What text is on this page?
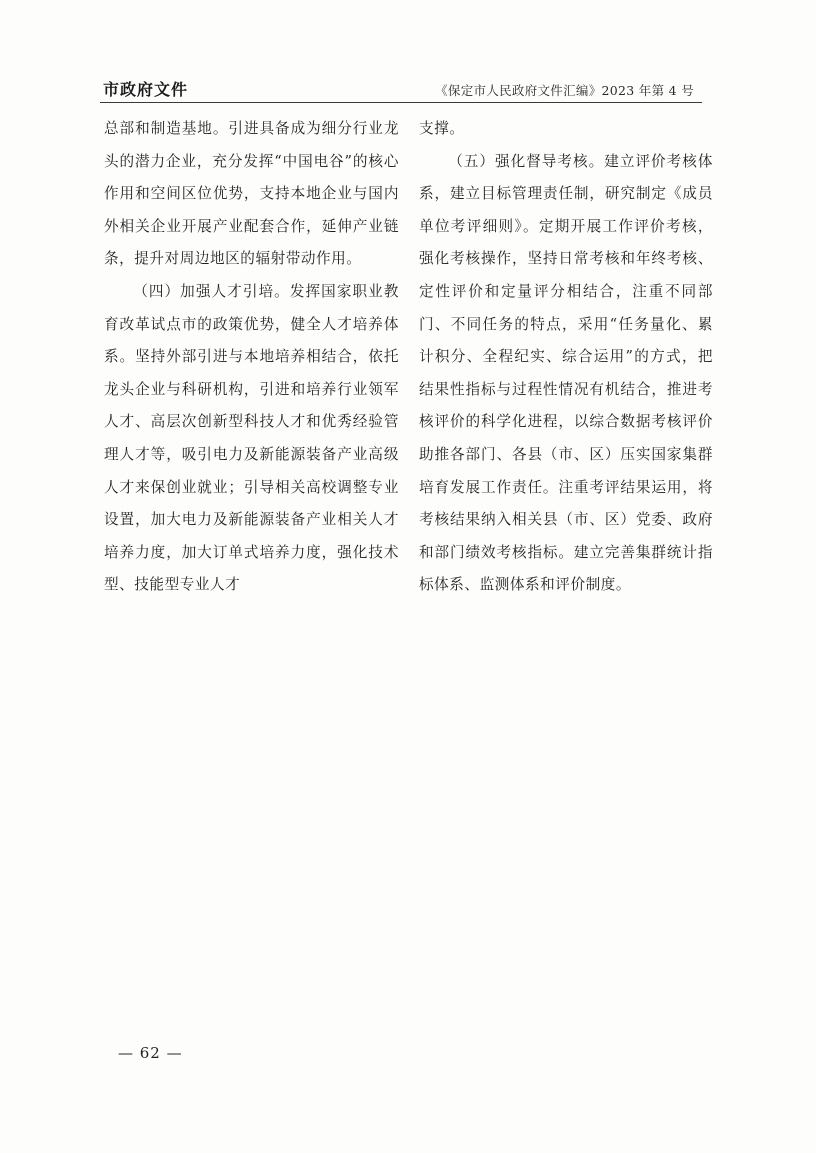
市政府文件	《保定市人民政府文件汇编》2023 年第 4 号

总部和制造基地。引进具备成为细分行业龙头的潜力企业，充分发挥“中国电谷”的核心作用和空间区位优势，支持本地企业与国内外相关企业开展产业配套合作，延伸产业链条，提升对周边地区的辐射带动作用。

（四）加强人才引培。发挥国家职业教育改革试点市的政策优势，健全人才培养体系。坚持外部引进与本地培养相结合，依托龙头企业与科研机构，引进和培养行业领军人才、高层次创新型科技人才和优秀经验管理人才等，吸引电力及新能源装备产业高级人才来保创业就业；引导相关高校调整专业设置，加大电力及新能源装备产业相关人才培养力度，加大订单式培养力度，强化技术型、技能型专业人才

支撑。

（五）强化督导考核。建立评价考核体系，建立目标管理责任制，研究制定《成员单位考评细则》。定期开展工作评价考核，强化考核操作，坚持日常考核和年终考核、定性评价和定量评分相结合，注重不同部门、不同任务的特点，采用“任务量化、累计积分、全程纪实、综合运用”的方式，把结果性指标与过程性情况有机结合，推进考核评价的科学化进程，以综合数据考核评价助推各部门、各县（市、区）压实国家集群培育发展工作责任。注重考评结果运用，将考核结果纳入相关县（市、区）党委、政府和部门绩效考核指标。建立完善集群统计指标体系、监测体系和评价制度。

— 62 —
